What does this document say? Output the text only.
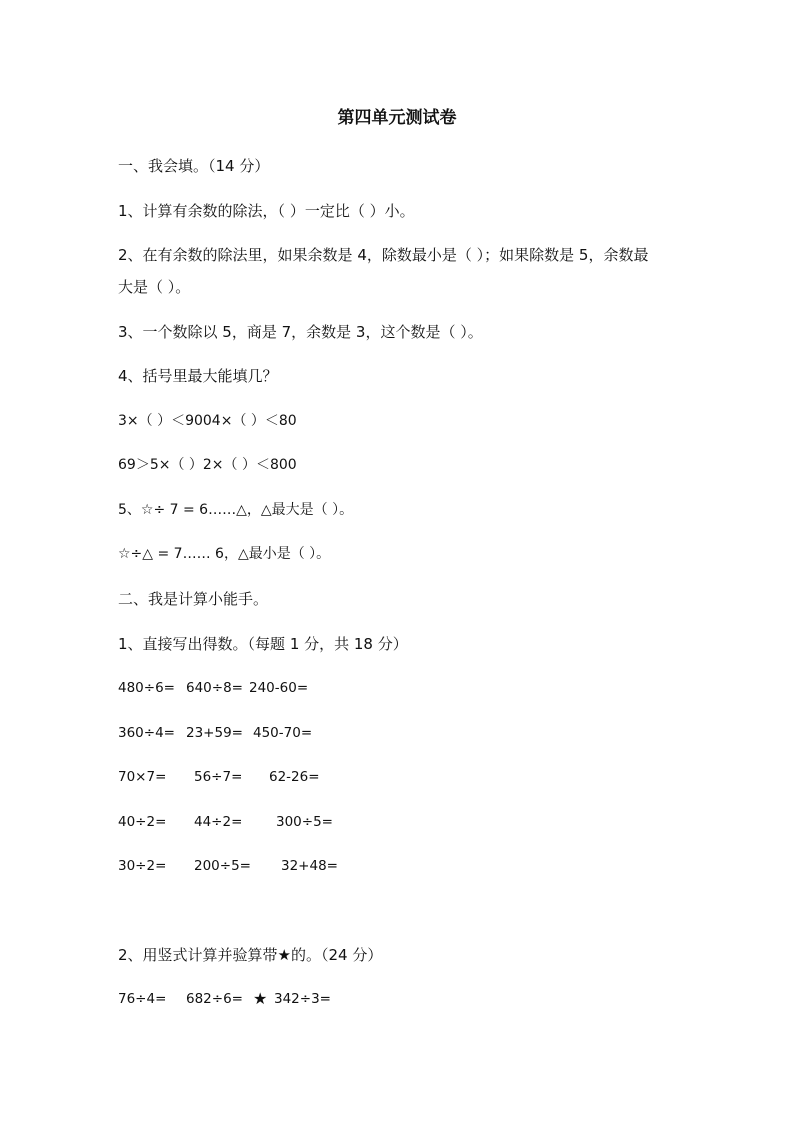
第四单元测试卷

一、我会填。（14 分）

1、计算有余数的除法，（ ）一定比（ ）小。

2、在有余数的除法里，如果余数是 4，除数最小是（ ）；如果除数是 5，余数最

大是（ ）。

3、一个数除以 5，商是 7，余数是 3，这个数是（ ）。

4、括号里最大能填几？

3×（ ）＜9004×（ ）＜80

69＞5×（ ）2×（ ）＜800

5、☆÷ 7 = 6……△，△最大是（ ）。

☆÷△ = 7…… 6，△最小是（ ）。

二、我是计算小能手。

1、直接写出得数。（每题 1 分，共 18 分）

480÷6= 640÷8= 240-60=
360÷4= 23+59= 450-70=
70×7= 56÷7= 62-26=
40÷2= 44÷2= 300÷5=
30÷2= 200÷5= 32+48=

2、用竖式计算并验算带★的。（24 分）

76÷4= 682÷6= ★ 342÷3=
